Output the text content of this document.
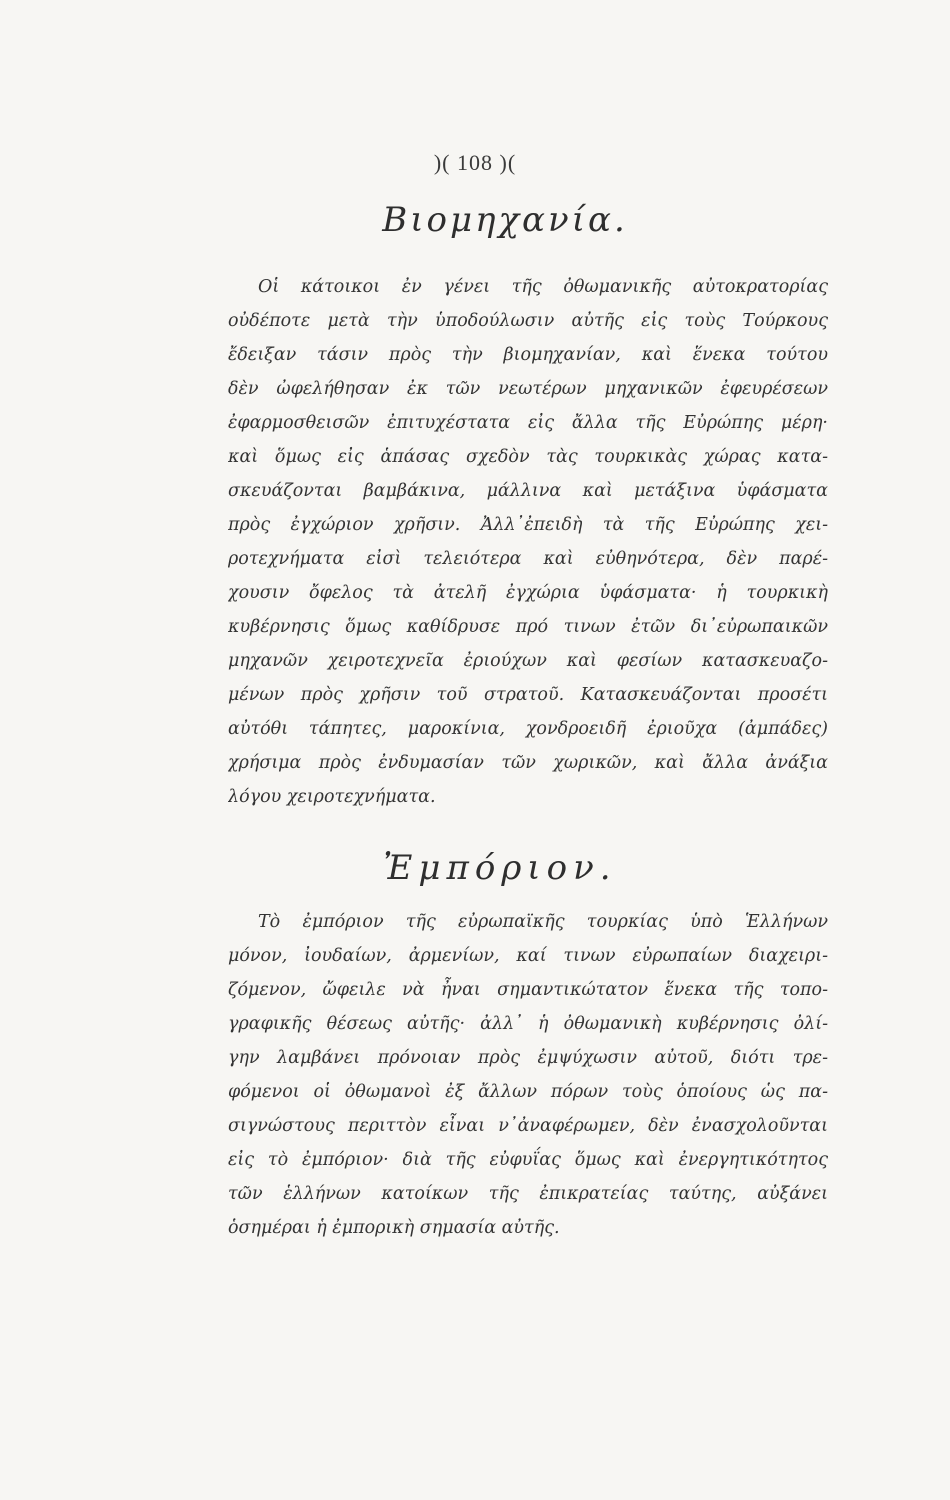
)( 108 )(
Βιομηχανία.
Οἱ κάτοικοι ἐν γένει τῆς ὀθωμανικῆς αὐτοκρατορίας
οὐδέποτε μετὰ τὴν ὑποδούλωσιν αὐτῆς εἰς τοὺς Τούρκους
ἔδειξαν τάσιν πρὸς τὴν βιομηχανίαν, καὶ ἕνεκα τούτου
δὲν ὠφελήθησαν ἐκ τῶν νεωτέρων μηχανικῶν ἐφευρέσεων
ἐφαρμοσθεισῶν ἐπιτυχέστατα εἰς ἄλλα τῆς Εὐρώπης μέρη·
καὶ ὅμως εἰς ἁπάσας σχεδὸν τὰς τουρκικὰς χώρας κατα-
σκευάζονται βαμβάκινα, μάλλινα καὶ μετάξινα ὑφάσματα
πρὸς ἐγχώριον χρῆσιν. Ἀλλ᾽ἐπειδὴ τὰ τῆς Εὐρώπης χει-
ροτεχνήματα εἰσὶ τελειότερα καὶ εὐθηνότερα, δὲν παρέ-
χουσιν ὄφελος τὰ ἀτελῆ ἐγχώρια ὑφάσματα· ἡ τουρκικὴ
κυβέρνησις ὅμως καθίδρυσε πρό τινων ἐτῶν δι᾽εὐρωπαικῶν
μηχανῶν χειροτεχνεῖα ἐριούχων καὶ φεσίων κατασκευαζο-
μένων πρὸς χρῆσιν τοῦ στρατοῦ. Κατασκευάζονται προσέτι
αὐτόθι τάπητες, μαροκίνια, χονδροειδῆ ἐριοῦχα (ἀμπάδες)
χρήσιμα πρὸς ἐνδυμασίαν τῶν χωρικῶν, καὶ ἄλλα ἀνάξια
λόγου χειροτεχνήματα.
Ἐμπόριον.
Τὸ ἐμπόριον τῆς εὐρωπαϊκῆς τουρκίας ὑπὸ Ἑλλήνων
μόνον, ἰουδαίων, ἀρμενίων, καί τινων εὐρωπαίων διαχειρι-
ζόμενον, ὤφειλε νὰ ἦναι σημαντικώτατον ἕνεκα τῆς τοπο-
γραφικῆς θέσεως αὐτῆς· ἀλλ᾽ ἡ ὀθωμανικὴ κυβέρνησις ὀλί-
γην λαμβάνει πρόνοιαν πρὸς ἐμψύχωσιν αὐτοῦ, διότι τρε-
φόμενοι οἱ ὀθωμανοὶ ἐξ ἄλλων πόρων τοὺς ὁποίους ὡς πα-
σιγνώστους περιττὸν εἶναι ν᾽ἀναφέρωμεν, δὲν ἐνασχολοῦνται
εἰς τὸ ἐμπόριον· διὰ τῆς εὐφυΐας ὅμως καὶ ἐνεργητικότητος
τῶν ἑλλήνων κατοίκων τῆς ἐπικρατείας ταύτης, αὐξάνει
ὁσημέραι ἡ ἐμπορικὴ σημασία αὐτῆς.
